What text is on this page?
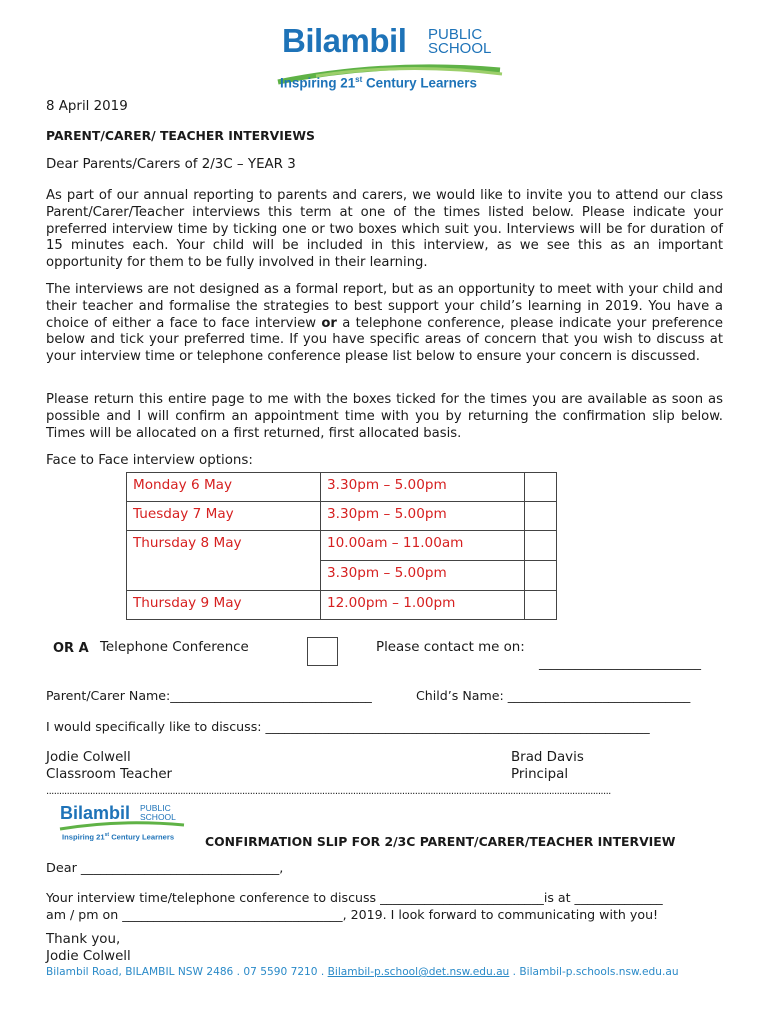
Bilambil PUBLIC
SCHOOL
Inspiring 21st Century Learners
8 April 2019
PARENT/CARER/ TEACHER INTERVIEWS
Dear Parents/Carers of 2/3C – YEAR 3
As part of our annual reporting to parents and carers, we would like to invite you to attend our class Parent/Carer/Teacher interviews this term at one of the times listed below. Please indicate your preferred interview time by ticking one or two boxes which suit you. Interviews will be for duration of 15 minutes each. Your child will be included in this interview, as we see this as an important opportunity for them to be fully involved in their learning.
The interviews are not designed as a formal report, but as an opportunity to meet with your child and their teacher and formalise the strategies to best support your child’s learning in 2019. You have a choice of either a face to face interview or a telephone conference, please indicate your preference below and tick your preferred time. If you have specific areas of concern that you wish to discuss at your interview time or telephone conference please list below to ensure your concern is discussed.
Please return this entire page to me with the boxes ticked for the times you are available as soon as possible and I will confirm an appointment time with you by returning the confirmation slip below. Times will be allocated on a first returned, first allocated basis.
Face to Face interview options:
Monday 6 May	3.30pm – 5.00pm	
Tuesday 7 May	3.30pm – 5.00pm	
Thursday 8 May	10.00am – 11.00am	
	3.30pm – 5.00pm	
Thursday 9 May	12.00pm – 1.00pm	
OR A Telephone Conference	Please contact me on:
___________________________
Parent/Carer Name:________________________________	Child’s Name: _____________________________
I would specifically like to discuss: _____________________________________________________________
Jodie Colwell
Classroom Teacher
Brad Davis
Principal
...........................................................................................................................................................................................................................
Bilambil PUBLIC
SCHOOL
Inspiring 21st Century Learners CONFIRMATION SLIP FOR 2/3C PARENT/CARER/TEACHER INTERVIEW
Dear _______________________________,
Your interview time/telephone conference to discuss __________________________is at ______________
am / pm on ___________________________________, 2019. I look forward to communicating with you!
Thank you,
Jodie Colwell
Bilambil Road, BILAMBIL NSW 2486 . 07 5590 7210 . Bilambil-p.school@det.nsw.edu.au . Bilambil-p.schools.nsw.edu.au
